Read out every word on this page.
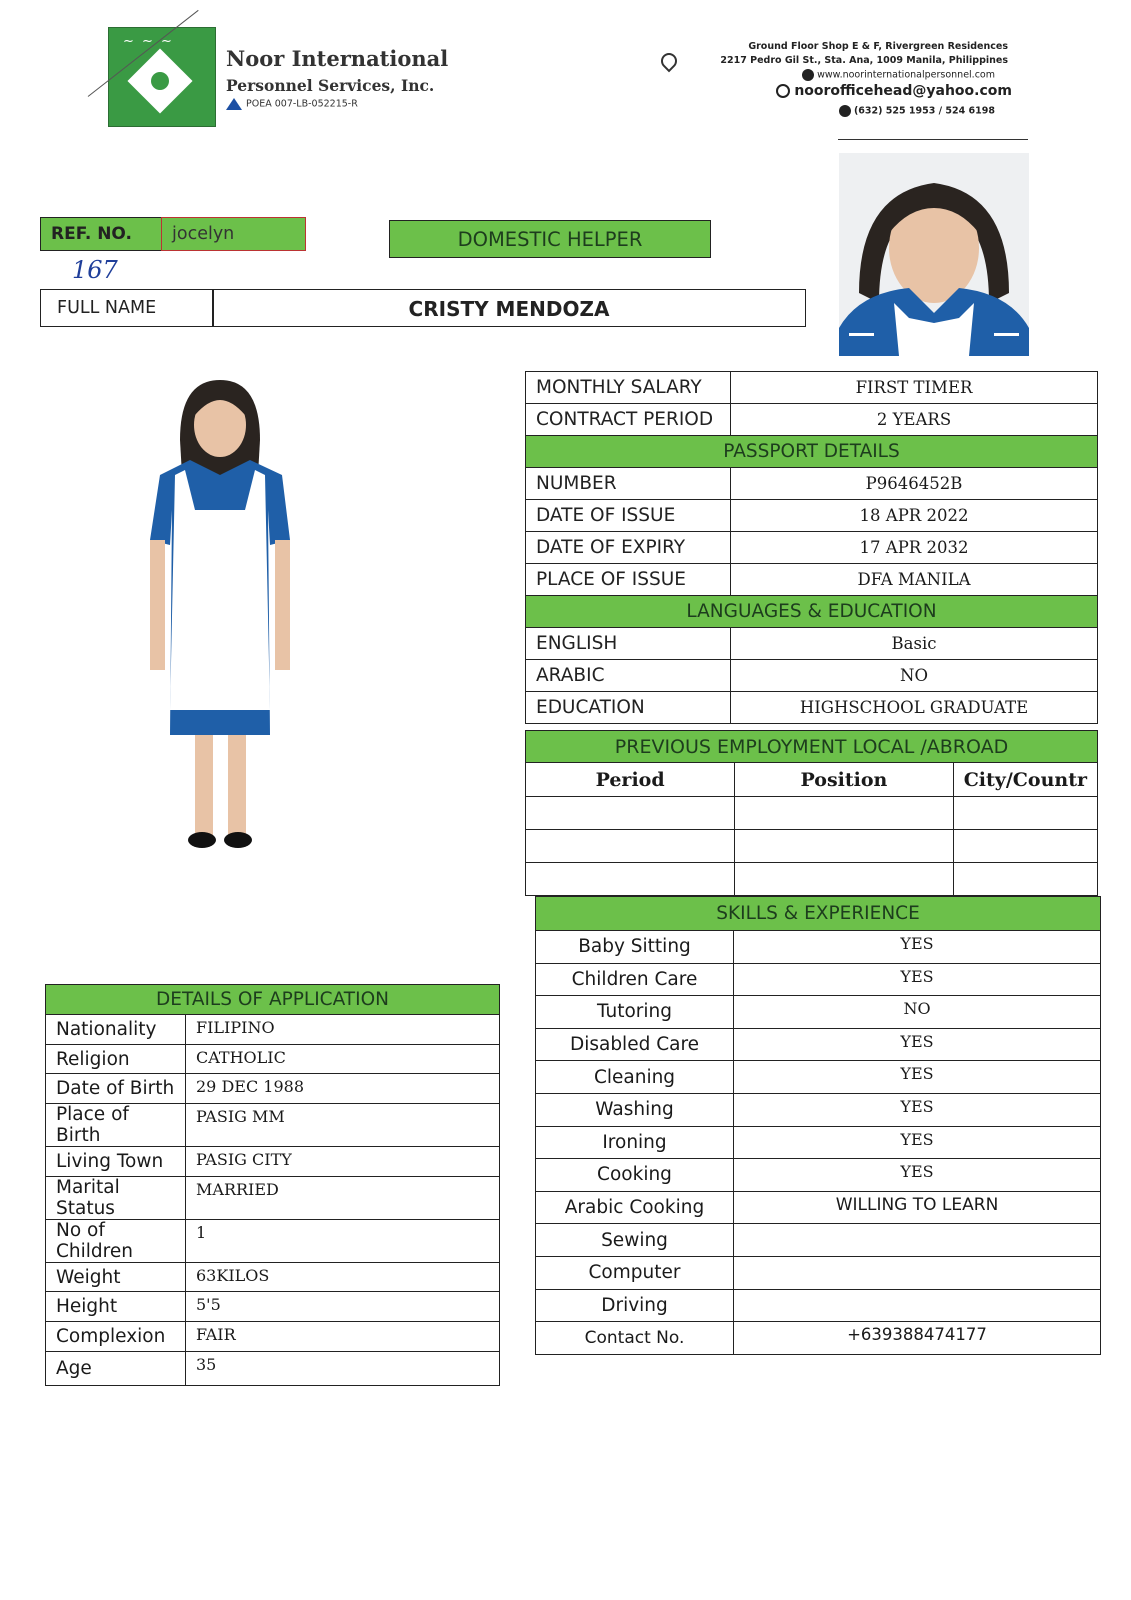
~ ~ ~
Noor International
Personnel Services, Inc.
POEA 007-LB-052215-R
Ground Floor Shop E & F, Rivergreen Residences
2217 Pedro Gil St., Sta. Ana, 1009 Manila, Philippines
www.noorinternationalpersonnel.com
noorofficehead@yahoo.com
(632) 525 1953 / 524 6198
REF. NO. jocelyn
167
DOMESTIC HELPER
FULL NAME	CRISTY MENDOZA
MONTHLY SALARY	FIRST TIMER
CONTRACT PERIOD	2 YEARS
PASSPORT DETAILS	
NUMBER	P9646452B
DATE OF ISSUE	18 APR 2022
DATE OF EXPIRY	17 APR 2032
PLACE OF ISSUE	DFA MANILA
LANGUAGES & EDUCATION	
ENGLISH	Basic
ARABIC	NO
EDUCATION	HIGHSCHOOL GRADUATE
PREVIOUS EMPLOYMENT LOCAL /ABROAD		
Period	Position	City/Countr

SKILLS & EXPERIENCE	
Baby Sitting	YES
Children Care	YES
Tutoring	NO
Disabled Care	YES
Cleaning	YES
Washing	YES
Ironing	YES
Cooking	YES
Arabic Cooking	WILLING TO LEARN
Sewing	
Computer	
Driving	
Contact No.	+639388474177
DETAILS OF APPLICATION	
Nationality	FILIPINO
Religion	CATHOLIC
Date of Birth	29 DEC 1988
Place of Birth	PASIG MM
Living Town	PASIG CITY
Marital Status	MARRIED
No of Children	1
Weight	63KILOS
Height	5'5
Complexion	FAIR
Age	35
